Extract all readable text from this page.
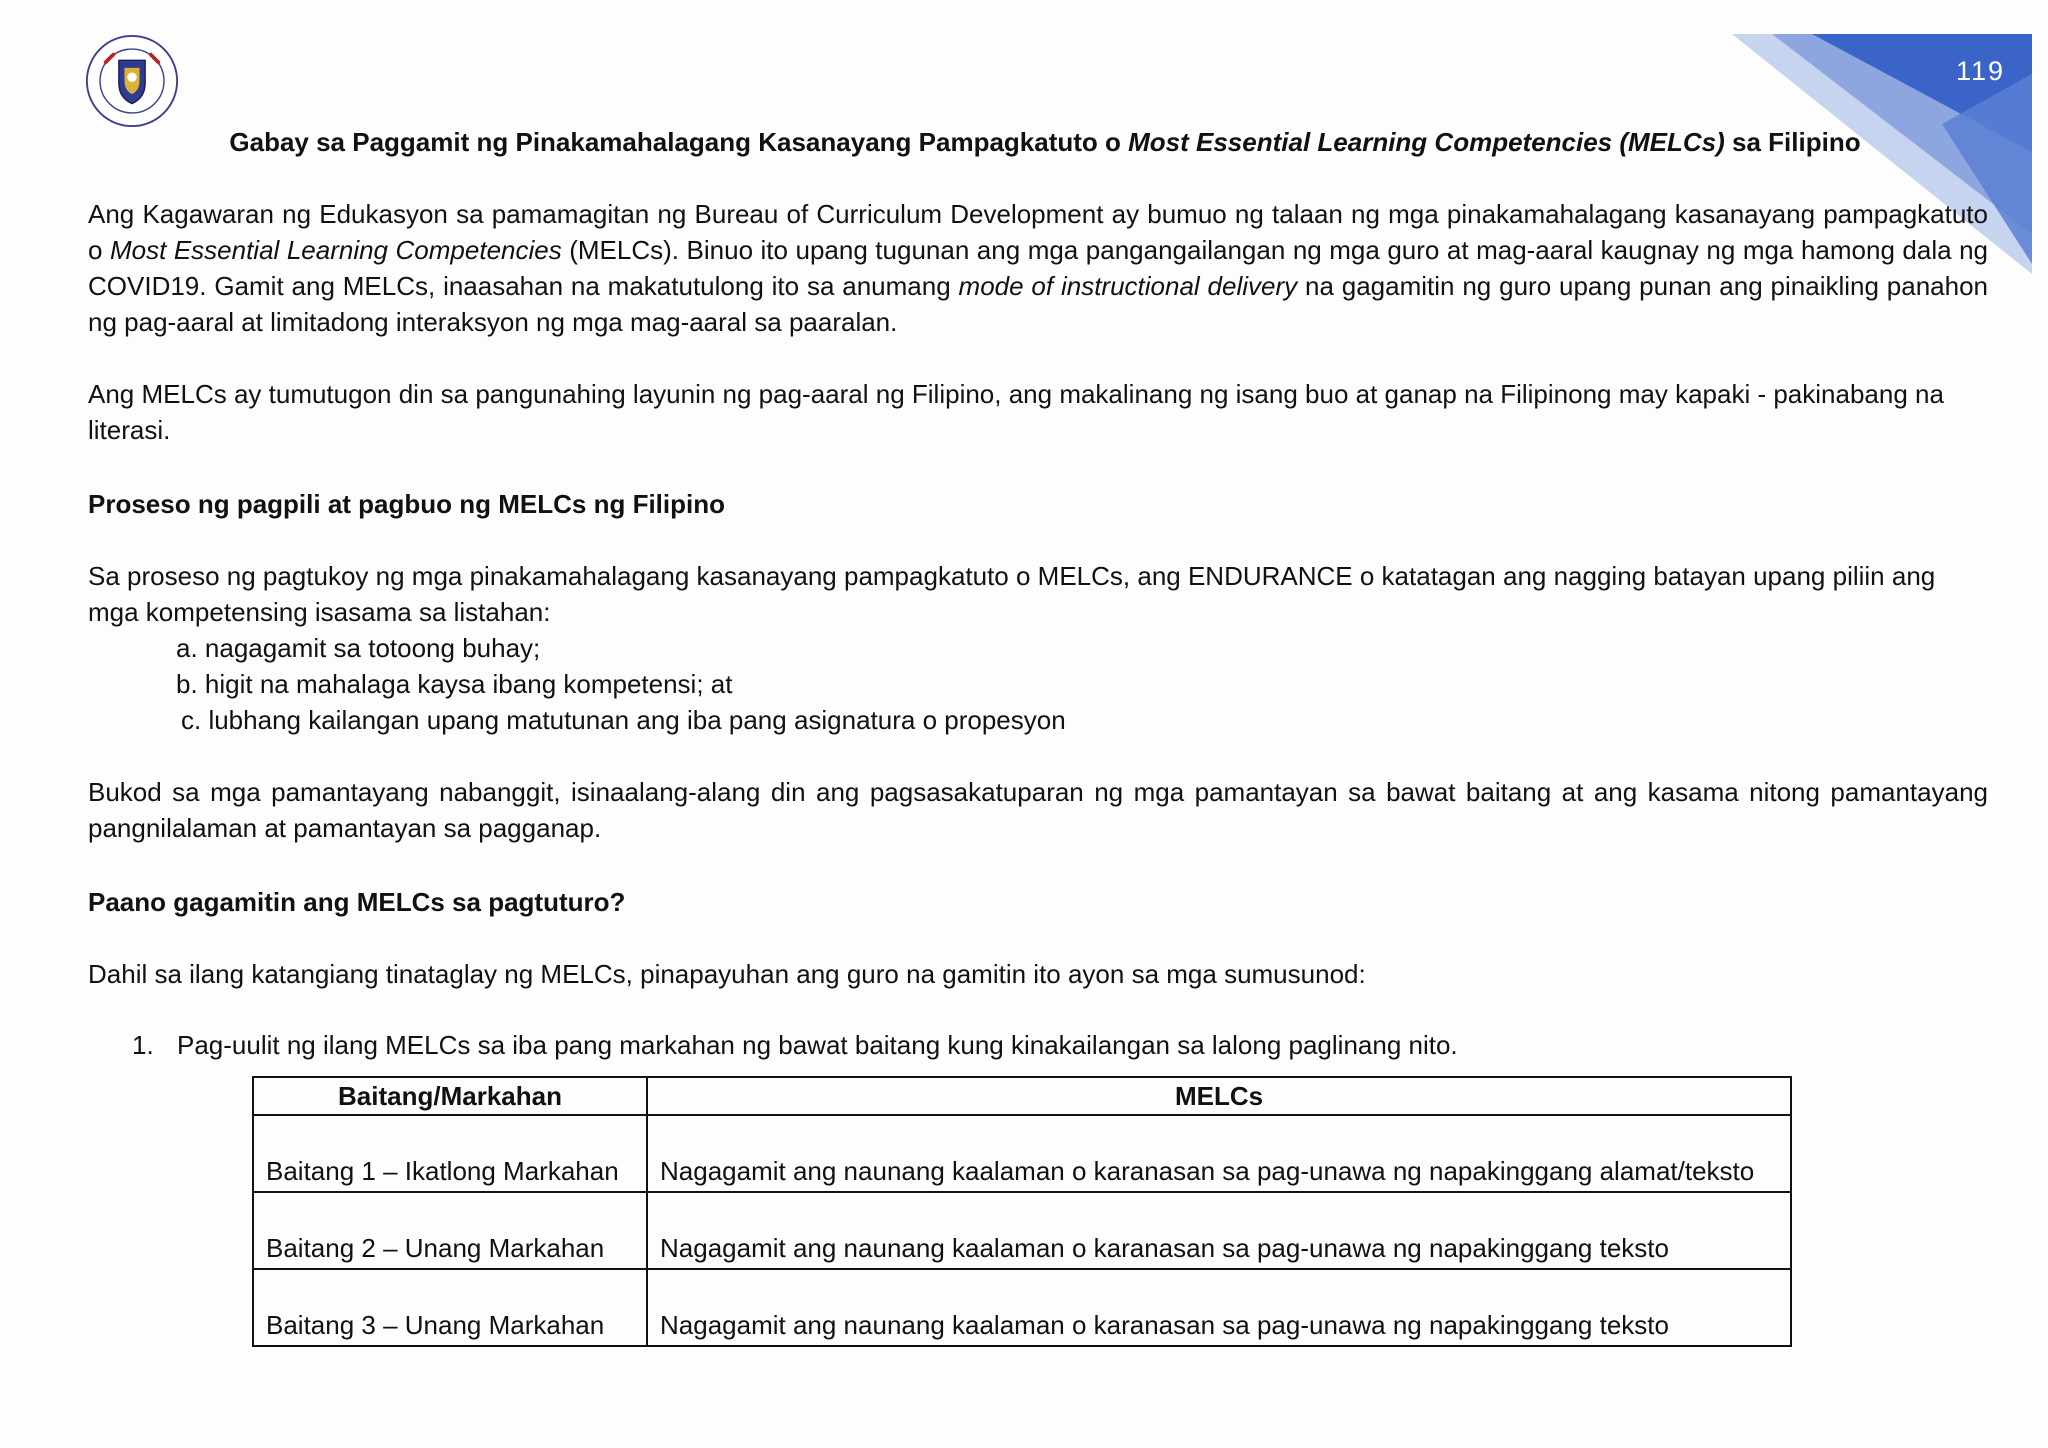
119
Gabay sa Paggamit ng Pinakamahalagang Kasanayang Pampagkatuto o Most Essential Learning Competencies (MELCs) sa Filipino
Ang Kagawaran ng Edukasyon sa pamamagitan ng Bureau of Curriculum Development ay bumuo ng talaan ng mga pinakamahalagang kasanayang pampagkatuto o Most Essential Learning Competencies (MELCs). Binuo ito upang tugunan ang mga pangangailangan ng mga guro at mag-aaral kaugnay ng mga hamong dala ng COVID19. Gamit ang MELCs, inaasahan na makatutulong ito sa anumang mode of instructional delivery na gagamitin ng guro upang punan ang pinaikling panahon ng pag-aaral at limitadong interaksyon ng mga mag-aaral sa paaralan.
Ang MELCs ay tumutugon din sa pangunahing layunin ng pag-aaral ng Filipino, ang makalinang ng isang buo at ganap na Filipinong may kapaki - pakinabang na literasi.
Proseso ng pagpili at pagbuo ng MELCs ng Filipino
Sa proseso ng pagtukoy ng mga pinakamahalagang kasanayang pampagkatuto o MELCs, ang ENDURANCE o katatagan ang nagging batayan upang piliin ang mga kompetensing isasama sa listahan:
a. nagagamit sa totoong buhay;
b. higit na mahalaga kaysa ibang kompetensi; at
c. lubhang kailangan upang matutunan ang iba pang asignatura o propesyon
Bukod sa mga pamantayang nabanggit, isinaalang-alang din ang pagsasakatuparan ng mga pamantayan sa bawat baitang at ang kasama nitong pamantayang pangnilalaman at pamantayan sa pagganap.
Paano gagamitin ang MELCs sa pagtuturo?
Dahil sa ilang katangiang tinataglay ng MELCs, pinapayuhan ang guro na gamitin ito ayon sa mga sumusunod:
1. Pag-uulit ng ilang MELCs sa iba pang markahan ng bawat baitang kung kinakailangan sa lalong paglinang nito.
Baitang/Markahan	MELCs
Baitang 1 – Ikatlong Markahan	Nagagamit ang naunang kaalaman o karanasan sa pag-unawa ng napakinggang alamat/teksto
Baitang 2 – Unang Markahan	Nagagamit ang naunang kaalaman o karanasan sa pag-unawa ng napakinggang teksto
Baitang 3 – Unang Markahan	Nagagamit ang naunang kaalaman o karanasan sa pag-unawa ng napakinggang teksto
